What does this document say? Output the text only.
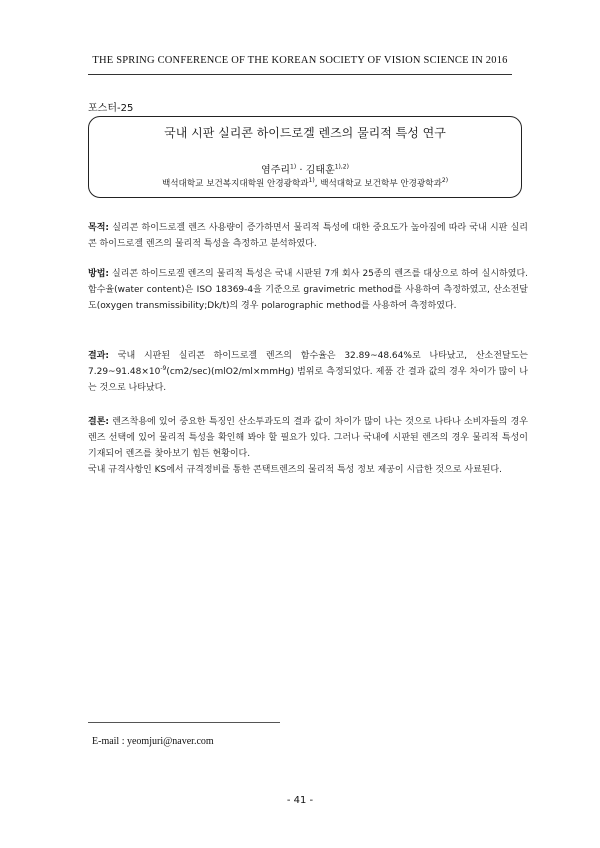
THE SPRING CONFERENCE OF THE KOREAN SOCIETY OF VISION SCIENCE IN 2016
포스터-25
국내 시판 실리콘 하이드로겔 렌즈의 물리적 특성 연구
염주리$^{1)}$ · 김태훈$^{1),2)}$
백석대학교 보건복지대학원 안경광학과$^{1)}$, 백석대학교 보건학부 안경광학과$^{2)}$

목적: 실리콘 하이드로겔 렌즈 사용량이 증가하면서 물리적 특성에 대한 중요도가 높아짐에 따라 국내 시판 실리콘 하이드로겔 렌즈의 물리적 특성을 측정하고 분석하였다.

방법: 실리콘 하이드로겔 렌즈의 물리적 특성은 국내 시판된 7개 회사 25종의 렌즈를 대상으로 하여 실시하였다. 함수율(water content)은 ISO 18369-4을 기준으로 gravimetric method를 사용하여 측정하였고, 산소전달도(oxygen transmissibility;Dk/t)의 경우 polarographic method를 사용하여 측정하였다.

결과: 국내 시판된 실리콘 하이드로겔 렌즈의 함수율은 32.89~48.64%로 나타났고, 산소전달도는 $7.29\sim 91.48\times 10^{-9}(cm2/\sec)(mlO2/ml\times mmHg)$ 범위로 측정되었다. 제품 간 결과 값의 경우 차이가 많이 나는 것으로 나타났다.

결론: 렌즈착용에 있어 중요한 특징인 산소투과도의 결과 값이 차이가 많이 나는 것으로 나타나 소비자들의 경우 렌즈 선택에 있어 물리적 특성을 확인해 봐야 할 필요가 있다. 그러나 국내에 시판된 렌즈의 경우 물리적 특성이 기재되어 렌즈를 찾아보기 힘든 현황이다.

국내 규격사항인 KS에서 규격정비를 통한 콘택트렌즈의 물리적 특성 정보 제공이 시급한 것으로 사료된다.

E-mail : yeomjuri@naver.com
- 41 -
